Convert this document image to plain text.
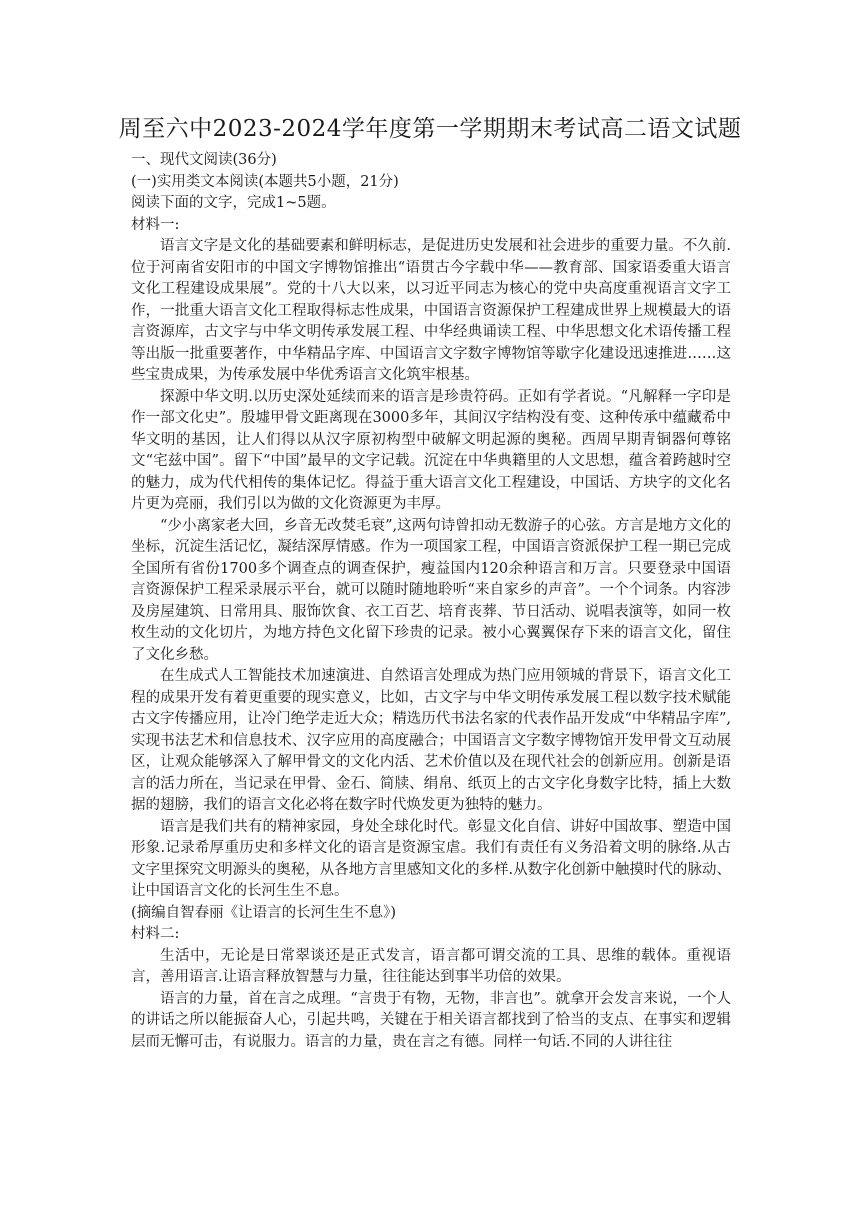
周至六中2023-2024学年度第一学期期末考试高二语文试题

一、现代文阅读(36分)

(一)实用类文本阅读(本题共5小题，21分)

阅读下面的文字，完成1~5题。

材料一:

语言文字是文化的基础要素和鲜明标志，是促进历史发展和社会进步的重要力量。不久前.位于河南省安阳市的中国文字博物馆推出“语贯古今字载中华——教育部、国家语委重大语言文化工程建设成果展”。党的十八大以来，以习近平同志为核心的党中央高度重视语言文字工作，一批重大语言文化工程取得标志性成果，中国语言资源保护工程建成世界上规模最大的语言资源库，古文字与中华文明传承发展工程、中华经典诵读工程、中华思想文化术语传播工程等出版一批重要著作，中华精品字库、中国语言文字数字博物馆等歇字化建设迅速推进……这些宝贵成果，为传承发展中华优秀语言文化筑牢根基。

探源中华文明.以历史深处延续而来的语言是珍贵符码。正如有学者说。“凡解释一字印是作一部文化史”。殷墟甲骨文距离现在3000多年，其间汉字结构没有变、这种传承中蕴藏希中华文明的基因，让人们得以从汉字原初构型中破解文明起源的奥秘。西周早期青铜器何尊铭文“宅兹中国”。留下“中国”最早的文字记载。沉淀在中华典籍里的人文思想，蕴含着跨越时空的魅力，成为代代相传的集体记忆。得益于重大语言文化工程建设，中国话、方块字的文化名片更为亮丽，我们引以为做的文化资源更为丰厚。

“少小离家老大回，乡音无改焚毛衰”,这两句诗曾扣动无数游子的心弦。方言是地方文化的坐标，沉淀生活记忆，凝结深厚情感。作为一项国家工程，中国语言资派保护工程一期已完成全国所有省份1700多个调查点的调查保护，瘦益国内120余种语言和万言。只要登录中国语言资源保护工程采录展示平台，就可以随时随地聆听“来自家乡的声音”。一个个词条。内容涉及房屋建筑、日常用具、服饰饮食、衣工百艺、培育丧葬、节日活动、说唱表演等，如同一枚枚生动的文化切片，为地方持色文化留下珍贵的记录。被小心翼翼保存下来的语言文化，留住了文化乡愁。

在生成式人工智能技术加速演进、自然语言处理成为热门应用领城的背景下，语言文化工程的成果开发有着更重要的现实意义，比如，古文字与中华文明传承发展工程以数字技术赋能古文字传播应用，让冷门绝学走近大众；精选历代书法名家的代表作品开发成“中华精品字库”,实现书法艺术和信息技术、汉字应用的高度融合；中国语言文字数字博物馆开发甲骨文互动展区，让观众能够深入了解甲骨文的文化内活、艺术价值以及在现代社会的创新应用。创新是语言的活力所在，当记录在甲骨、金石、简牍、绢帛、纸页上的古文字化身数字比特，插上大数据的翅膀，我们的语言文化必将在数字时代焕发更为独特的魅力。

语言是我们共有的精神家园，身处全球化时代。彰显文化自信、讲好中国故事、塑造中国形象.记录希厚重历史和多样文化的语言是资源宝虐。我们有责任有义务沿着文明的脉络.从古文字里探究文明源头的奥秘，从各地方言里感知文化的多样.从数字化创新中触摸时代的脉动、让中国语言文化的长河生生不息。

(摘编自智春丽《让语言的长河生生不息》)

村料二:

生活中，无论是日常翠谈还是正式发言，语言都可谓交流的工具、思维的载体。重视语言，善用语言.让语言释放智慧与力量，往往能达到事半功倍的效果。

语言的力量，首在言之成理。“言贵于有物，无物，非言也”。就拿开会发言来说，一个人的讲话之所以能振奋人心，引起共鸣，关键在于相关语言都找到了恰当的支点、在事实和逻辑层而无懈可击，有说服力。语言的力量，贵在言之有德。同样一句话.不同的人讲往往
